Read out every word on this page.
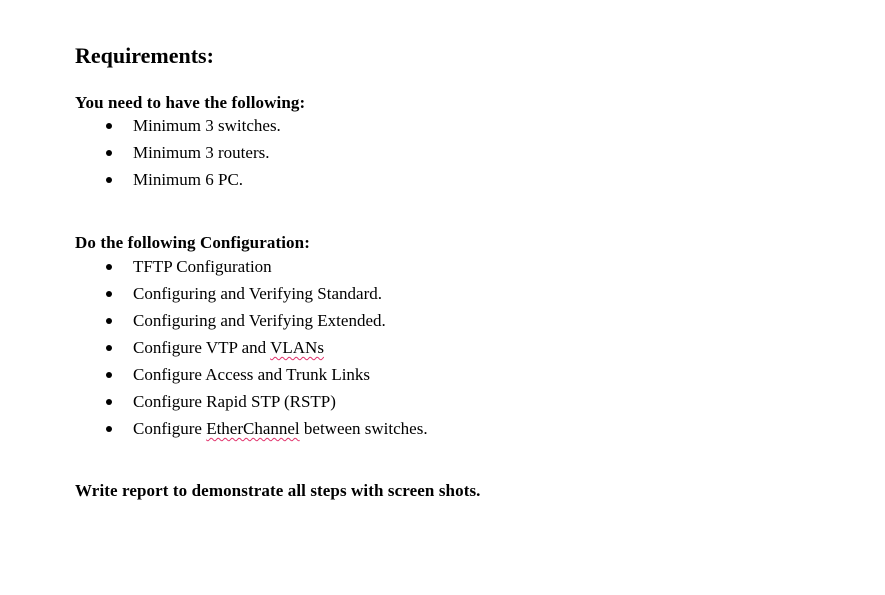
Requirements:

You need to have the following:

Minimum 3 switches.
Minimum 3 routers.
Minimum 6 PC.

Do the following Configuration:

TFTP Configuration
Configuring and Verifying Standard.
Configuring and Verifying Extended.
Configure VTP and VLANs
Configure Access and Trunk Links
Configure Rapid STP (RSTP)
Configure EtherChannel between switches.

Write report to demonstrate all steps with screen shots.
